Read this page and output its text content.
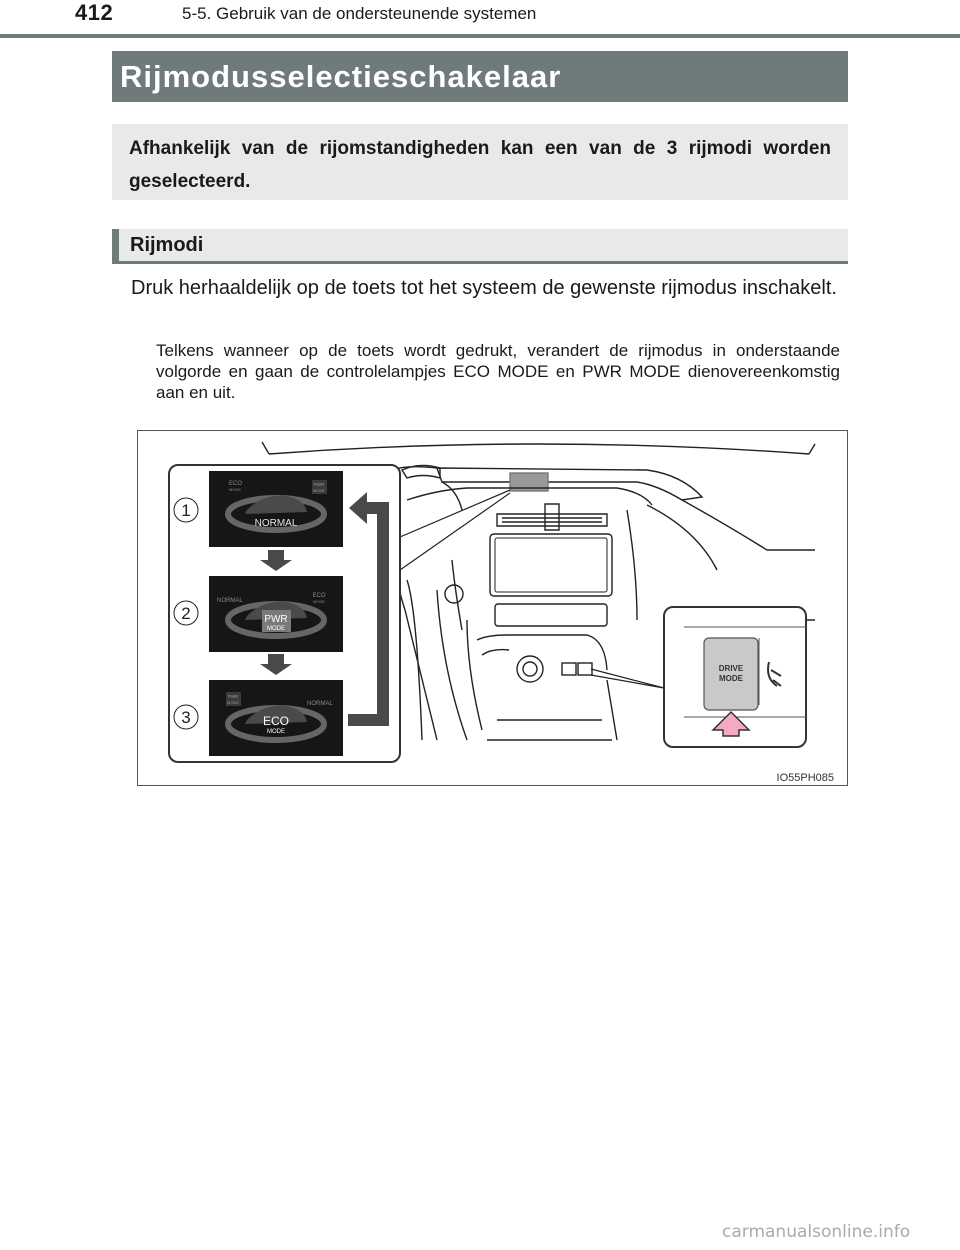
412	5-5. Gebruik van de ondersteunende systemen
Rijmodusselectieschakelaar
Afhankelijk van de rijomstandigheden kan een van de 3 rijmodi worden geselecteerd.
Rijmodi
Druk herhaaldelijk op de toets tot het systeem de gewenste rijmodus inschakelt.
Telkens wanneer op de toets wordt gedrukt, verandert de rijmodus in onderstaande volgorde en gaan de controlelampjes ECO MODE en PWR MODE dienovereenkomstig aan en uit.
1
2
3
ECO
MODE
PWR
MODE
NORMAL
NORMAL
ECO
MODE
PWR
MODE
PWR
MODE	NORMAL
ECO
MODE
DRIVE
MODE
IO55PH085
carmanualsonline.info
